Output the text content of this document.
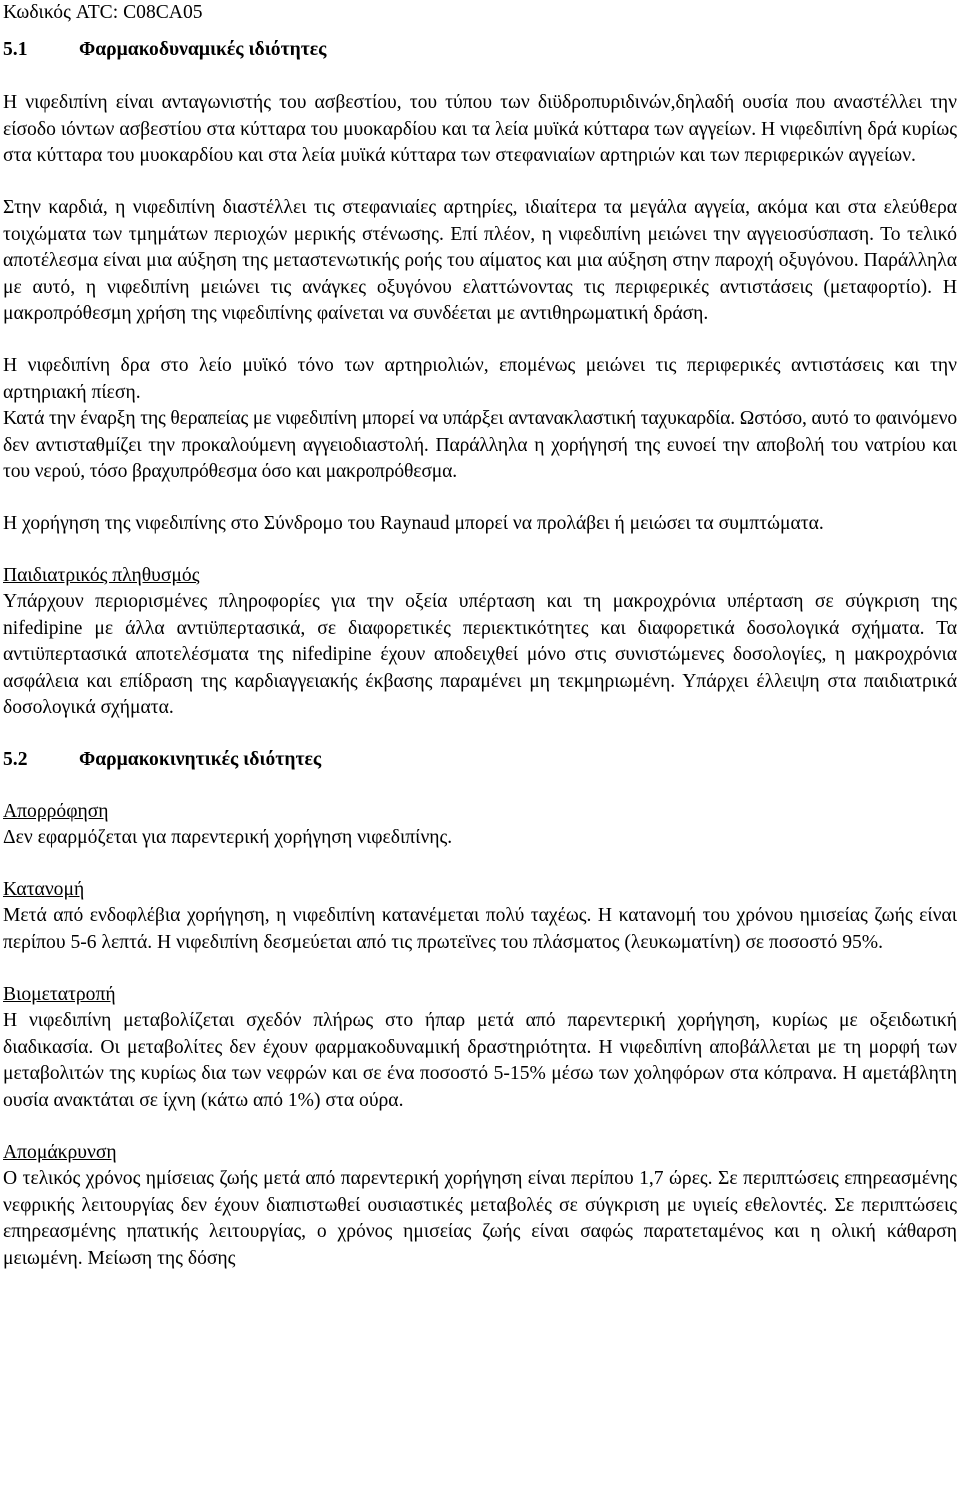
Κωδικός ATC: C08CA05

5.1	Φαρμακοδυναμικές ιδιότητες

Η νιφεδιπίνη είναι ανταγωνιστής του ασβεστίου, του τύπου των διϋδροπυριδινών,δηλαδή ουσία που αναστέλλει την είσοδο ιόντων ασβεστίου στα κύτταρα του μυοκαρδίου και τα λεία μυϊκά κύτταρα των αγγείων. Η νιφεδιπίνη δρά κυρίως στα κύτταρα του μυοκαρδίου και στα λεία μυϊκά κύτταρα των στεφανιαίων αρτηριών και των περιφερικών αγγείων.

Στην καρδιά, η νιφεδιπίνη διαστέλλει τις στεφανιαίες αρτηρίες, ιδιαίτερα τα μεγάλα αγγεία, ακόμα και στα ελεύθερα τοιχώματα των τμημάτων περιοχών μερικής στένωσης. Επί πλέον, η νιφεδιπίνη μειώνει την αγγειοσύσπαση. Το τελικό αποτέλεσμα είναι μια αύξηση της μεταστενωτικής ροής του αίματος και μια αύξηση στην παροχή οξυγόνου. Παράλληλα με αυτό, η νιφεδιπίνη μειώνει τις ανάγκες οξυγόνου ελαττώνοντας τις περιφερικές αντιστάσεις (μεταφορτίο). Η μακροπρόθεσμη χρήση της νιφεδιπίνης φαίνεται να συνδέεται με αντιθηρωματική δράση.

Η νιφεδιπίνη δρα στο λείο μυϊκό τόνο των αρτηριολιών, επομένως μειώνει τις περιφερικές αντιστάσεις και την αρτηριακή πίεση.

Κατά την έναρξη της θεραπείας με νιφεδιπίνη μπορεί να υπάρξει αντανακλαστική ταχυκαρδία. Ωστόσο, αυτό το φαινόμενο δεν αντισταθμίζει την προκαλούμενη αγγειοδιαστολή. Παράλληλα η χορήγησή της ευνοεί την αποβολή του νατρίου και του νερού, τόσο βραχυπρόθεσμα όσο και μακροπρόθεσμα.

Η χορήγηση της νιφεδιπίνης στο Σύνδρομο του Raynaud μπορεί να προλάβει ή μειώσει τα συμπτώματα.

Παιδιατρικός πληθυσμός

Υπάρχουν περιορισμένες πληροφορίες για την οξεία υπέρταση και τη μακροχρόνια υπέρταση σε σύγκριση της nifedipine με άλλα αντιϋπερτασικά, σε διαφορετικές περιεκτικότητες και διαφορετικά δοσολογικά σχήματα. Τα αντιϋπερτασικά αποτελέσματα της nifedipine έχουν αποδειχθεί μόνο στις συνιστώμενες δοσολογίες, η μακροχρόνια ασφάλεια και επίδραση της καρδιαγγειακής έκβασης παραμένει μη τεκμηριωμένη. Υπάρχει έλλειψη στα παιδιατρικά δοσολογικά σχήματα.

5.2	Φαρμακοκινητικές ιδιότητες

Απορρόφηση

Δεν εφαρμόζεται για παρεντερική χορήγηση νιφεδιπίνης.

Κατανομή

Μετά από ενδοφλέβια χορήγηση, η νιφεδιπίνη κατανέμεται πολύ ταχέως. Η κατανομή του χρόνου ημισείας ζωής είναι περίπου 5-6 λεπτά. Η νιφεδιπίνη δεσμεύεται από τις πρωτεϊνες του πλάσματος (λευκωματίνη) σε ποσοστό 95%.

Βιομετατροπή

Η νιφεδιπίνη μεταβολίζεται σχεδόν πλήρως στο ήπαρ μετά από παρεντερική χορήγηση, κυρίως με οξειδωτική διαδικασία. Οι μεταβολίτες δεν έχουν φαρμακοδυναμική δραστηριότητα. Η νιφεδιπίνη αποβάλλεται με τη μορφή των μεταβολιτών της κυρίως δια των νεφρών και σε ένα ποσοστό 5-15% μέσω των χοληφόρων στα κόπρανα. Η αμετάβλητη ουσία ανακτάται σε ίχνη (κάτω από 1%) στα ούρα.

Απομάκρυνση

Ο τελικός χρόνος ημίσειας ζωής μετά από παρεντερική χορήγηση είναι περίπου 1,7 ώρες. Σε περιπτώσεις επηρεασμένης νεφρικής λειτουργίας δεν έχουν διαπιστωθεί ουσιαστικές μεταβολές σε σύγκριση με υγιείς εθελοντές. Σε περιπτώσεις επηρεασμένης ηπατικής λειτουργίας, ο χρόνος ημισείας ζωής είναι σαφώς παρατεταμένος και η ολική κάθαρση μειωμένη. Μείωση της δόσης
